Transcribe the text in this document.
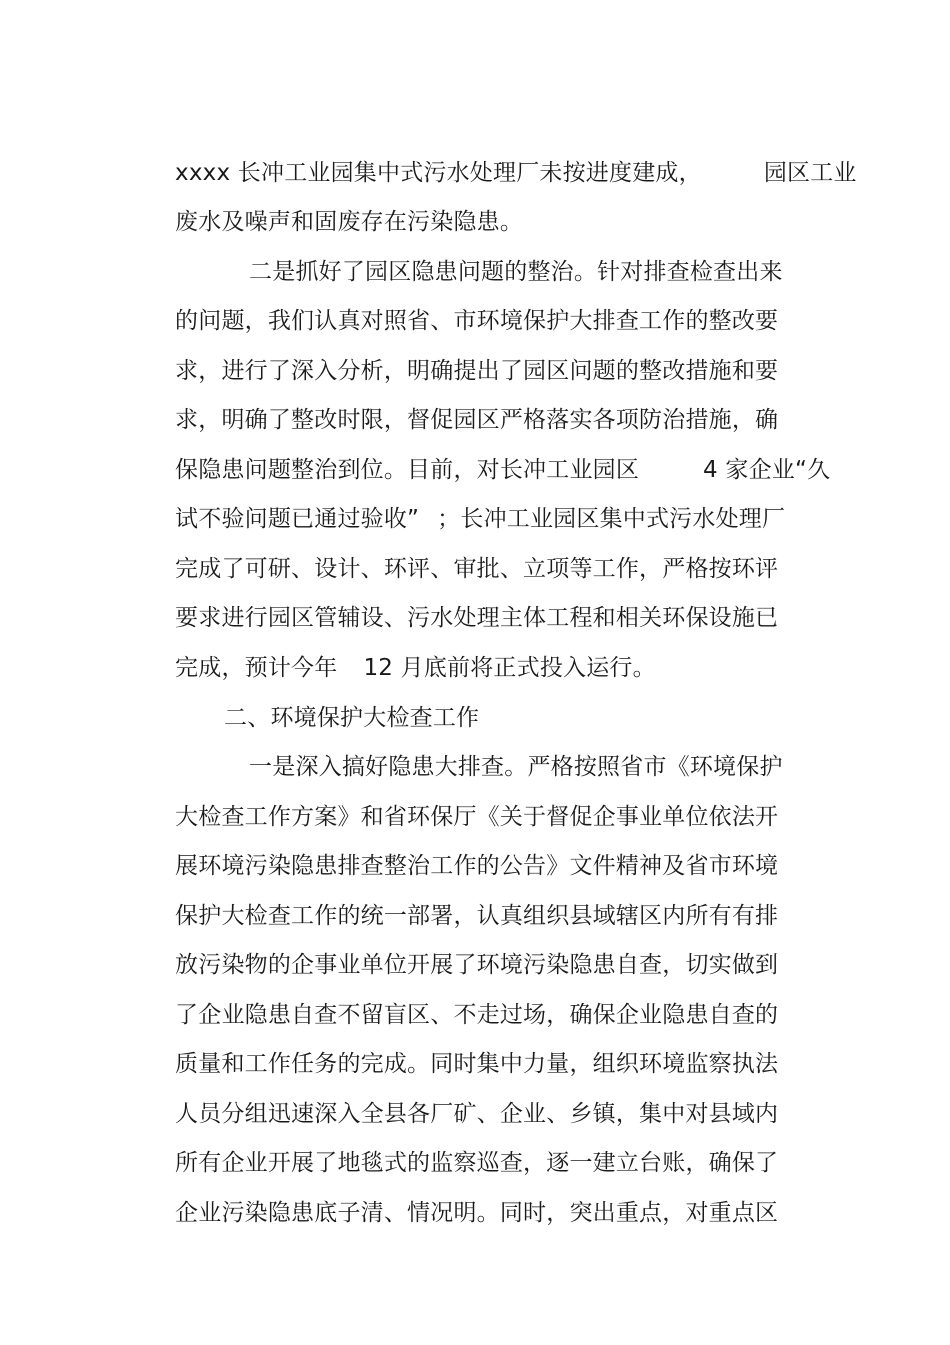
xxxx 长冲工业园集中式污水处理厂未按进度建成，	园区工业

废水及噪声和固废存在污染隐患。

二是抓好了园区隐患问题的整治。针对排查检查出来

的问题，我们认真对照省、市环境保护大排查工作的整改要

求，进行了深入分析，明确提出了园区问题的整改措施和要

求，明确了整改时限，督促园区严格落实各项防治措施，确

保隐患问题整治到位。目前，对长冲工业园区	4 家企业“久

试不验问题已通过验收” ；长冲工业园区集中式污水处理厂

完成了可研、设计、环评、审批、立项等工作，严格按环评

要求进行园区管辅设、污水处理主体工程和相关环保设施已

完成，预计今年 12 月底前将正式投入运行。

二、环境保护大检查工作

一是深入搞好隐患大排查。严格按照省市《环境保护

大检查工作方案》和省环保厅《关于督促企事业单位依法开

展环境污染隐患排查整治工作的公告》文件精神及省市环境

保护大检查工作的统一部署，认真组织县域辖区内所有有排

放污染物的企事业单位开展了环境污染隐患自查，切实做到

了企业隐患自查不留盲区、不走过场，确保企业隐患自查的

质量和工作任务的完成。同时集中力量，组织环境监察执法

人员分组迅速深入全县各厂矿、企业、乡镇，集中对县域内

所有企业开展了地毯式的监察巡查，逐一建立台账，确保了

企业污染隐患底子清、情况明。同时，突出重点，对重点区
